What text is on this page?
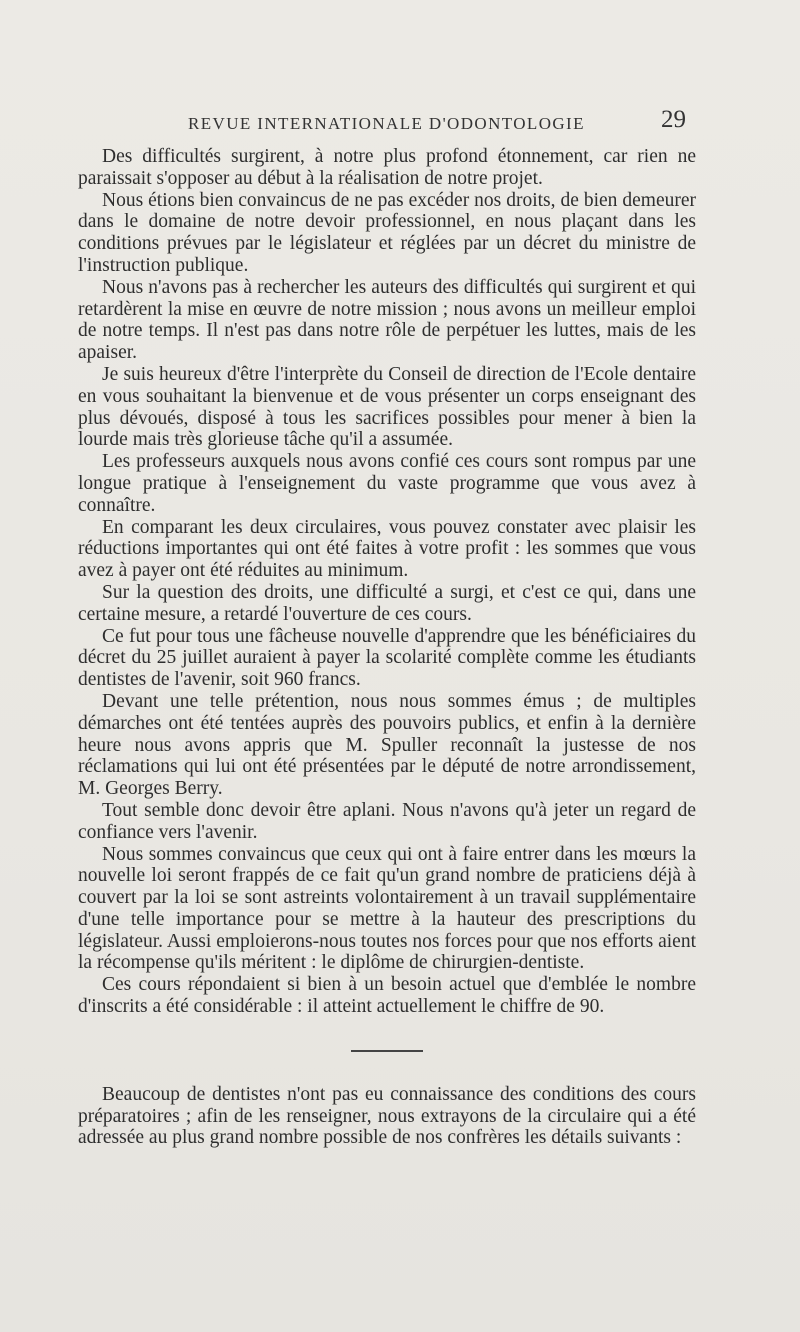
REVUE INTERNATIONALE D'ODONTOLOGIE	29

Des difficultés surgirent, à notre plus profond étonnement, car rien ne paraissait s'opposer au début à la réalisation de notre projet.

Nous étions bien convaincus de ne pas excéder nos droits, de bien demeurer dans le domaine de notre devoir professionnel, en nous plaçant dans les conditions prévues par le législateur et réglées par un décret du ministre de l'instruction publique.

Nous n'avons pas à rechercher les auteurs des difficultés qui surgirent et qui retardèrent la mise en œuvre de notre mission ; nous avons un meilleur emploi de notre temps. Il n'est pas dans notre rôle de perpétuer les luttes, mais de les apaiser.

Je suis heureux d'être l'interprète du Conseil de direction de l'Ecole dentaire en vous souhaitant la bienvenue et de vous présenter un corps enseignant des plus dévoués, disposé à tous les sacrifices possibles pour mener à bien la lourde mais très glorieuse tâche qu'il a assumée.

Les professeurs auxquels nous avons confié ces cours sont rompus par une longue pratique à l'enseignement du vaste programme que vous avez à connaître.

En comparant les deux circulaires, vous pouvez constater avec plaisir les réductions importantes qui ont été faites à votre profit : les sommes que vous avez à payer ont été réduites au minimum.

Sur la question des droits, une difficulté a surgi, et c'est ce qui, dans une certaine mesure, a retardé l'ouverture de ces cours.

Ce fut pour tous une fâcheuse nouvelle d'apprendre que les bénéficiaires du décret du 25 juillet auraient à payer la scolarité complète comme les étudiants dentistes de l'avenir, soit 960 francs.

Devant une telle prétention, nous nous sommes émus ; de multiples démarches ont été tentées auprès des pouvoirs publics, et enfin à la dernière heure nous avons appris que M. Spuller reconnaît la justesse de nos réclamations qui lui ont été présentées par le député de notre arrondissement, M. Georges Berry.

Tout semble donc devoir être aplani. Nous n'avons qu'à jeter un regard de confiance vers l'avenir.

Nous sommes convaincus que ceux qui ont à faire entrer dans les mœurs la nouvelle loi seront frappés de ce fait qu'un grand nombre de praticiens déjà à couvert par la loi se sont astreints volontairement à un travail supplémentaire d'une telle importance pour se mettre à la hauteur des prescriptions du législateur. Aussi emploierons-nous toutes nos forces pour que nos efforts aient la récompense qu'ils méritent : le diplôme de chirurgien-dentiste.

Ces cours répondaient si bien à un besoin actuel que d'emblée le nombre d'inscrits a été considérable : il atteint actuellement le chiffre de 90.

Beaucoup de dentistes n'ont pas eu connaissance des conditions des cours préparatoires ; afin de les renseigner, nous extrayons de la circulaire qui a été adressée au plus grand nombre possible de nos confrères les détails suivants :
